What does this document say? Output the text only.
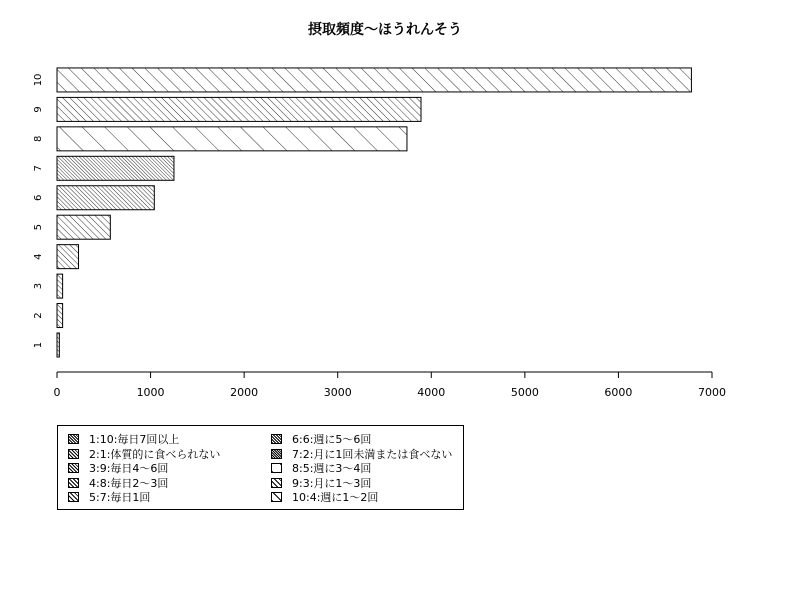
摂取頻度〜ほうれんそう
1
2
3
4
5
6
7
8
9
10
0	1000	2000	3000	4000	5000	6000	7000
1:10:毎日7回以上
2:1:体質的に食べられない
3:9:毎日4〜6回
4:8:毎日2〜3回
5:7:毎日1回
6:6:週に5〜6回
7:2:月に1回未満または食べない
8:5:週に3〜4回
9:3:月に1〜3回
10:4:週に1〜2回
